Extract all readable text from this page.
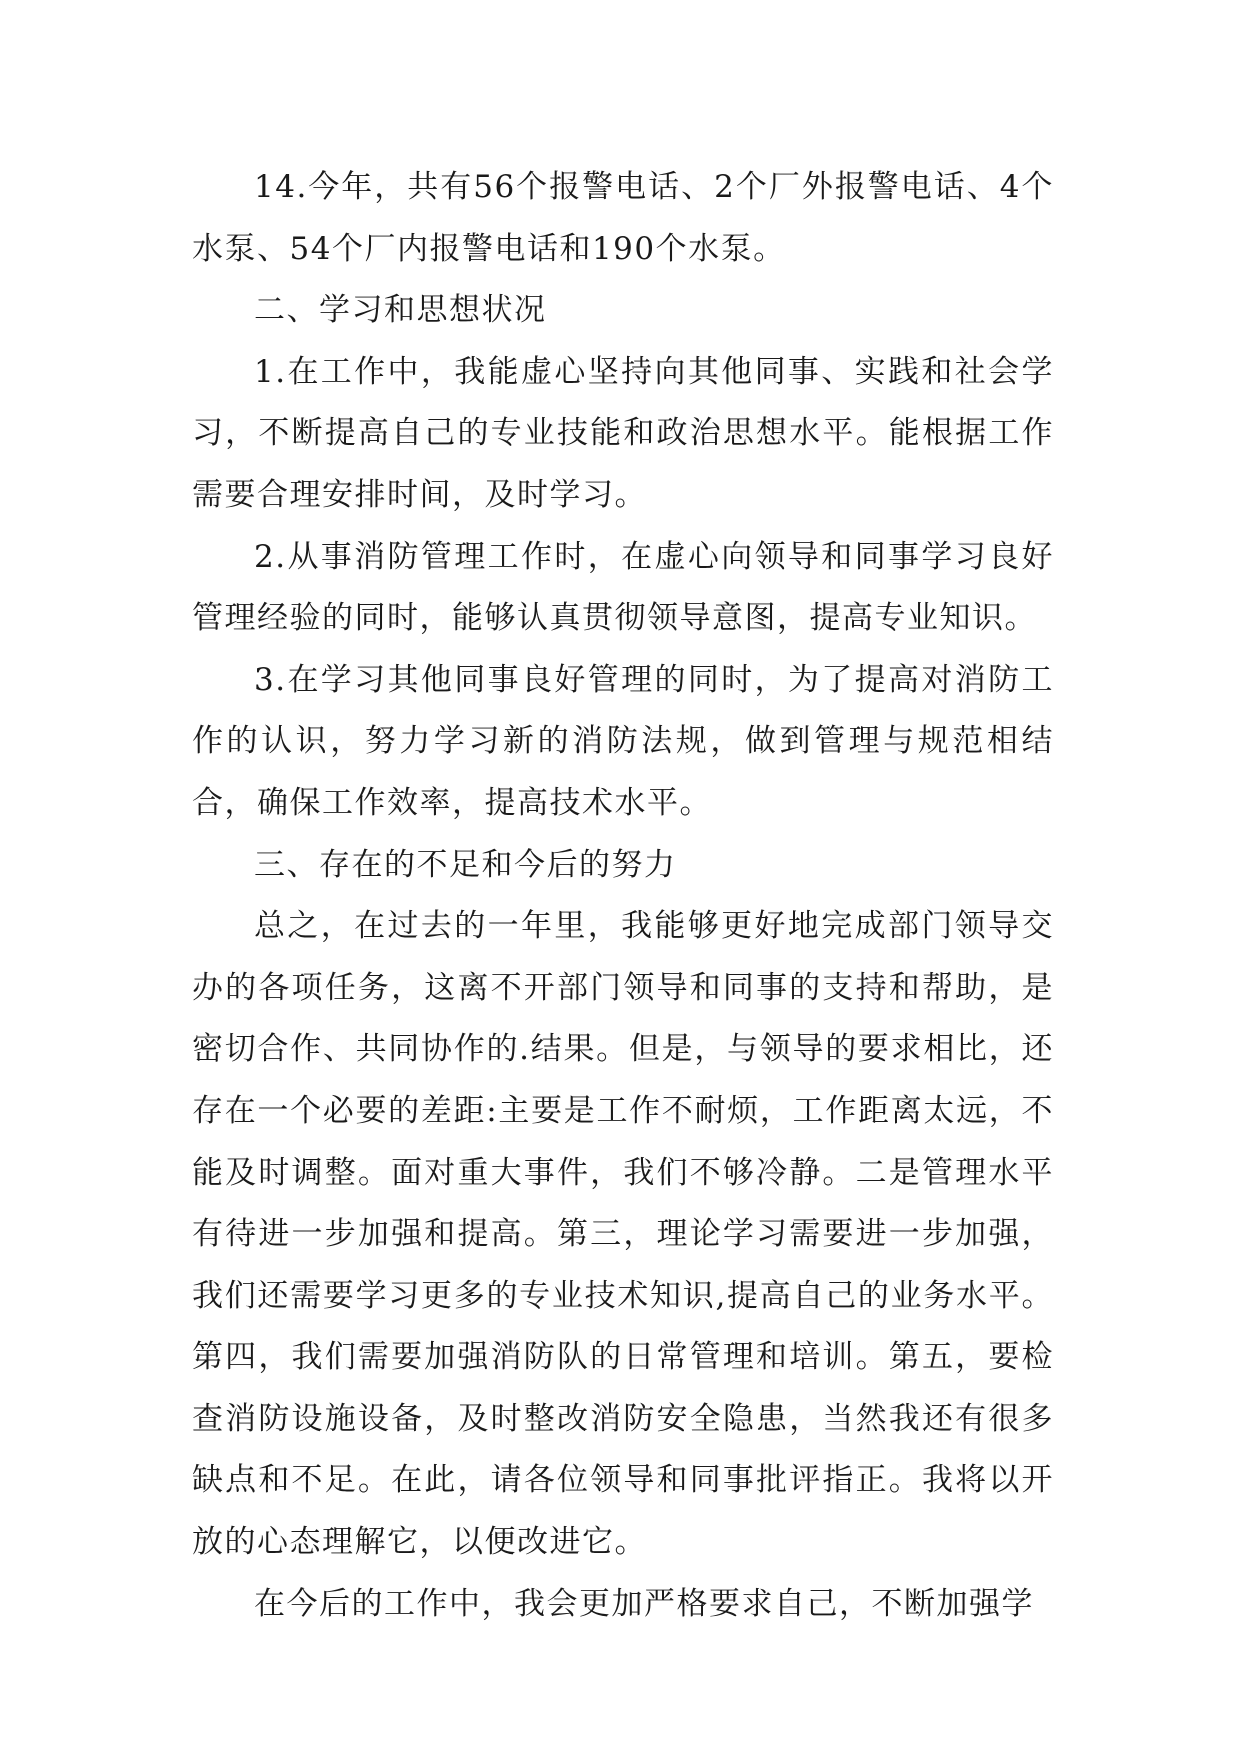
14.今年，共有56个报警电话、2个厂外报警电话、4个水泵、54个厂内报警电话和190个水泵。

二、学习和思想状况

1.在工作中，我能虚心坚持向其他同事、实践和社会学习，不断提高自己的专业技能和政治思想水平。能根据工作需要合理安排时间，及时学习。

2.从事消防管理工作时，在虚心向领导和同事学习良好管理经验的同时，能够认真贯彻领导意图，提高专业知识。

3.在学习其他同事良好管理的同时，为了提高对消防工作的认识，努力学习新的消防法规，做到管理与规范相结合，确保工作效率，提高技术水平。

三、存在的不足和今后的努力

总之，在过去的一年里，我能够更好地完成部门领导交办的各项任务，这离不开部门领导和同事的支持和帮助，是密切合作、共同协作的.结果。但是，与领导的要求相比，还存在一个必要的差距:主要是工作不耐烦，工作距离太远，不能及时调整。面对重大事件，我们不够冷静。二是管理水平有待进一步加强和提高。第三，理论学习需要进一步加强，我们还需要学习更多的专业技术知识,提高自己的业务水平。第四，我们需要加强消防队的日常管理和培训。第五，要检查消防设施设备，及时整改消防安全隐患，当然我还有很多缺点和不足。在此，请各位领导和同事批评指正。我将以开放的心态理解它，以便改进它。

在今后的工作中，我会更加严格要求自己，不断加强学
